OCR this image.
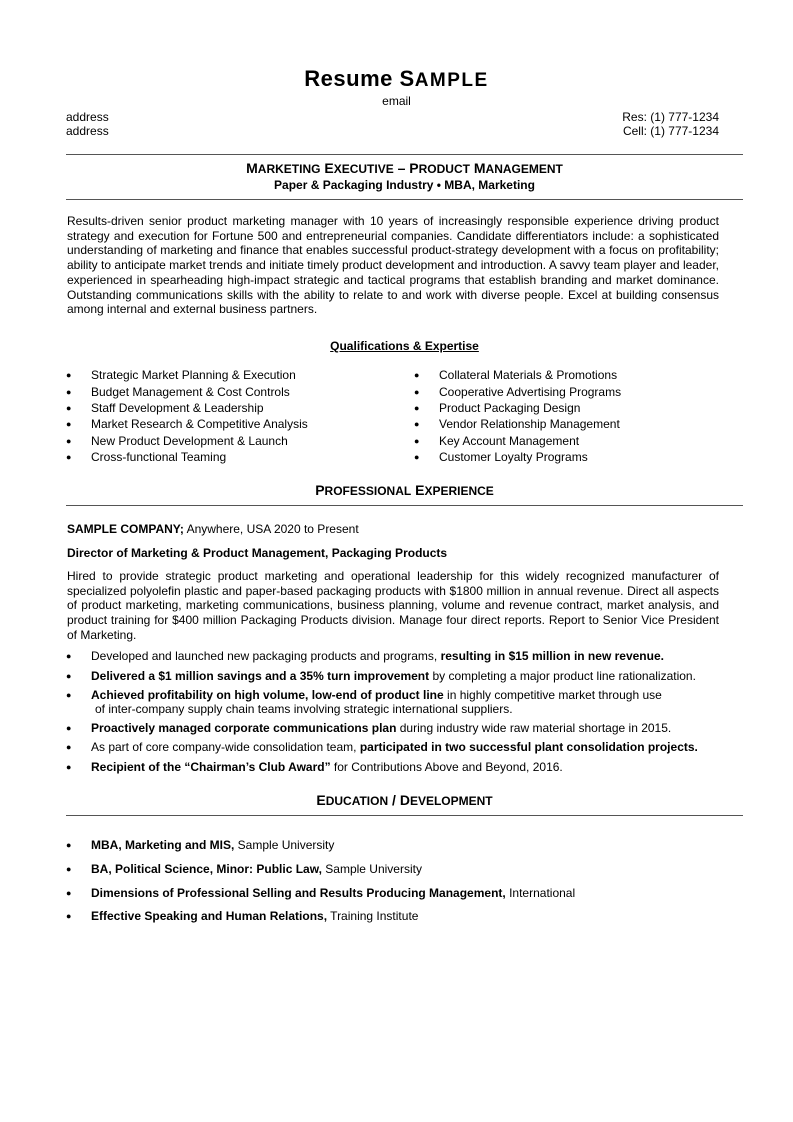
Resume SAMPLE
email
address
address
Res: (1) 777-1234
Cell: (1) 777-1234
MARKETING EXECUTIVE – PRODUCT MANAGEMENT
Paper & Packaging Industry • MBA, Marketing
Results-driven senior product marketing manager with 10 years of increasingly responsible experience driving product strategy and execution for Fortune 500 and entrepreneurial companies. Candidate differentiators include: a sophisticated understanding of marketing and finance that enables successful product-strategy development with a focus on profitability; ability to anticipate market trends and initiate timely product development and introduction. A savvy team player and leader, experienced in spearheading high-impact strategic and tactical programs that establish branding and market dominance. Outstanding communications skills with the ability to relate to and work with diverse people. Excel at building consensus among internal and external business partners.
Qualifications & Expertise
● Strategic Market Planning & Execution
● Budget Management & Cost Controls
● Staff Development & Leadership
● Market Research & Competitive Analysis
● New Product Development & Launch
● Cross-functional Teaming
● Collateral Materials & Promotions
● Cooperative Advertising Programs
● Product Packaging Design
● Vendor Relationship Management
● Key Account Management
● Customer Loyalty Programs
PROFESSIONAL EXPERIENCE
SAMPLE COMPANY; Anywhere, USA 2020 to Present
Director of Marketing & Product Management, Packaging Products
Hired to provide strategic product marketing and operational leadership for this widely recognized manufacturer of specialized polyolefin plastic and paper-based packaging products with $1800 million in annual revenue. Direct all aspects of product marketing, marketing communications, business planning, volume and revenue contract, market analysis, and product training for $400 million Packaging Products division. Manage four direct reports. Report to Senior Vice President of Marketing.
● Developed and launched new packaging products and programs, resulting in $15 million in new revenue.
● Delivered a $1 million savings and a 35% turn improvement by completing a major product line rationalization.
● Achieved profitability on high volume, low-end of product line in highly competitive market through use
of inter-company supply chain teams involving strategic international suppliers.
● Proactively managed corporate communications plan during industry wide raw material shortage in 2015.
● As part of core company-wide consolidation team, participated in two successful plant consolidation projects.
● Recipient of the “Chairman’s Club Award” for Contributions Above and Beyond, 2016.
EDUCATION / DEVELOPMENT
● MBA, Marketing and MIS, Sample University
● BA, Political Science, Minor: Public Law, Sample University
● Dimensions of Professional Selling and Results Producing Management, International
● Effective Speaking and Human Relations, Training Institute
